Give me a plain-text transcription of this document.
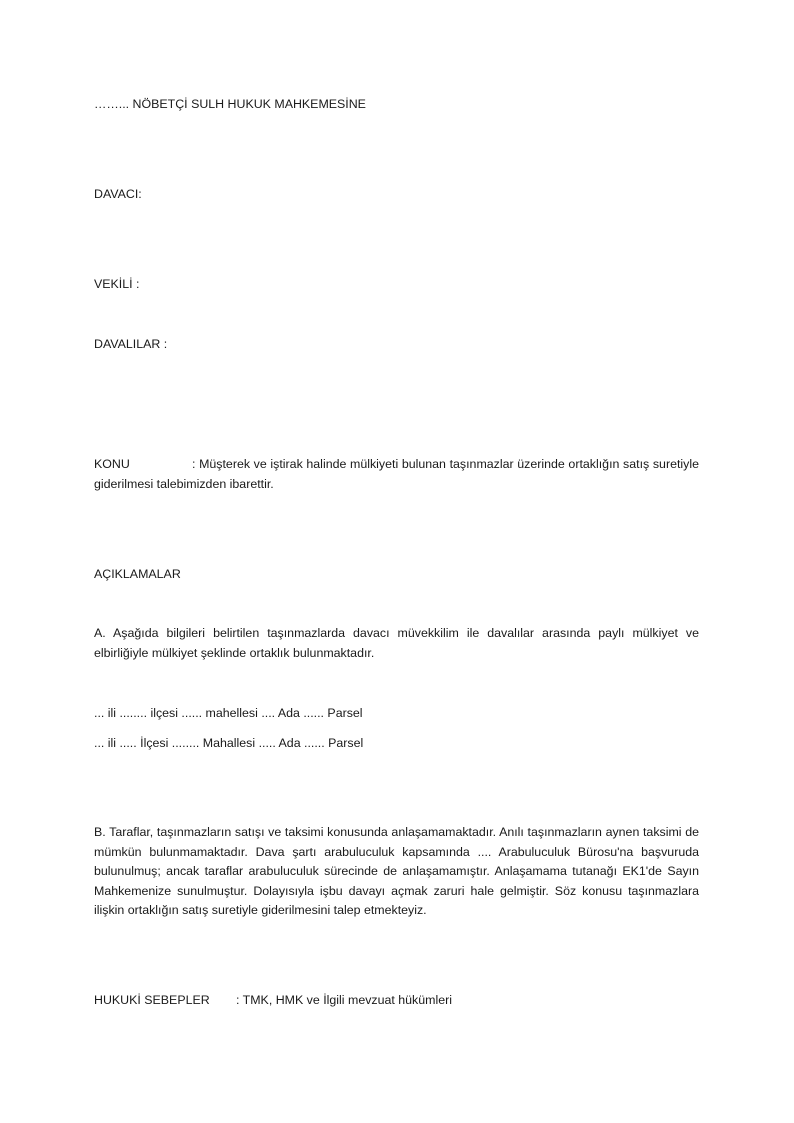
……... NÖBETÇİ SULH HUKUK MAHKEMESİNE
DAVACI:
VEKİLİ :
DAVALILAR :
KONU	: Müşterek ve iştirak halinde mülkiyeti bulunan taşınmazlar üzerinde ortaklığın satış suretiyle giderilmesi talebimizden ibarettir.
AÇIKLAMALAR
A. Aşağıda bilgileri belirtilen taşınmazlarda davacı müvekkilim ile davalılar arasında paylı mülkiyet ve elbirliğiyle mülkiyet şeklinde ortaklık bulunmaktadır.
... ili ........ ilçesi ...... mahellesi .... Ada ...... Parsel
... ili ..... İlçesi ........ Mahallesi ..... Ada ...... Parsel
B. Taraflar, taşınmazların satışı ve taksimi konusunda anlaşamamaktadır. Anılı taşınmazların aynen taksimi de mümkün bulunmamaktadır. Dava şartı arabuluculuk kapsamında .... Arabuluculuk Bürosu'na başvuruda bulunulmuş; ancak taraflar arabuluculuk sürecinde de anlaşamamıştır. Anlaşamama tutanağı EK1'de Sayın Mahkemenize sunulmuştur. Dolayısıyla işbu davayı açmak zaruri hale gelmiştir. Söz konusu taşınmazlara ilişkin ortaklığın satış suretiyle giderilmesini talep etmekteyiz.
HUKUKİ SEBEPLER : TMK, HMK ve İlgili mevzuat hükümleri
